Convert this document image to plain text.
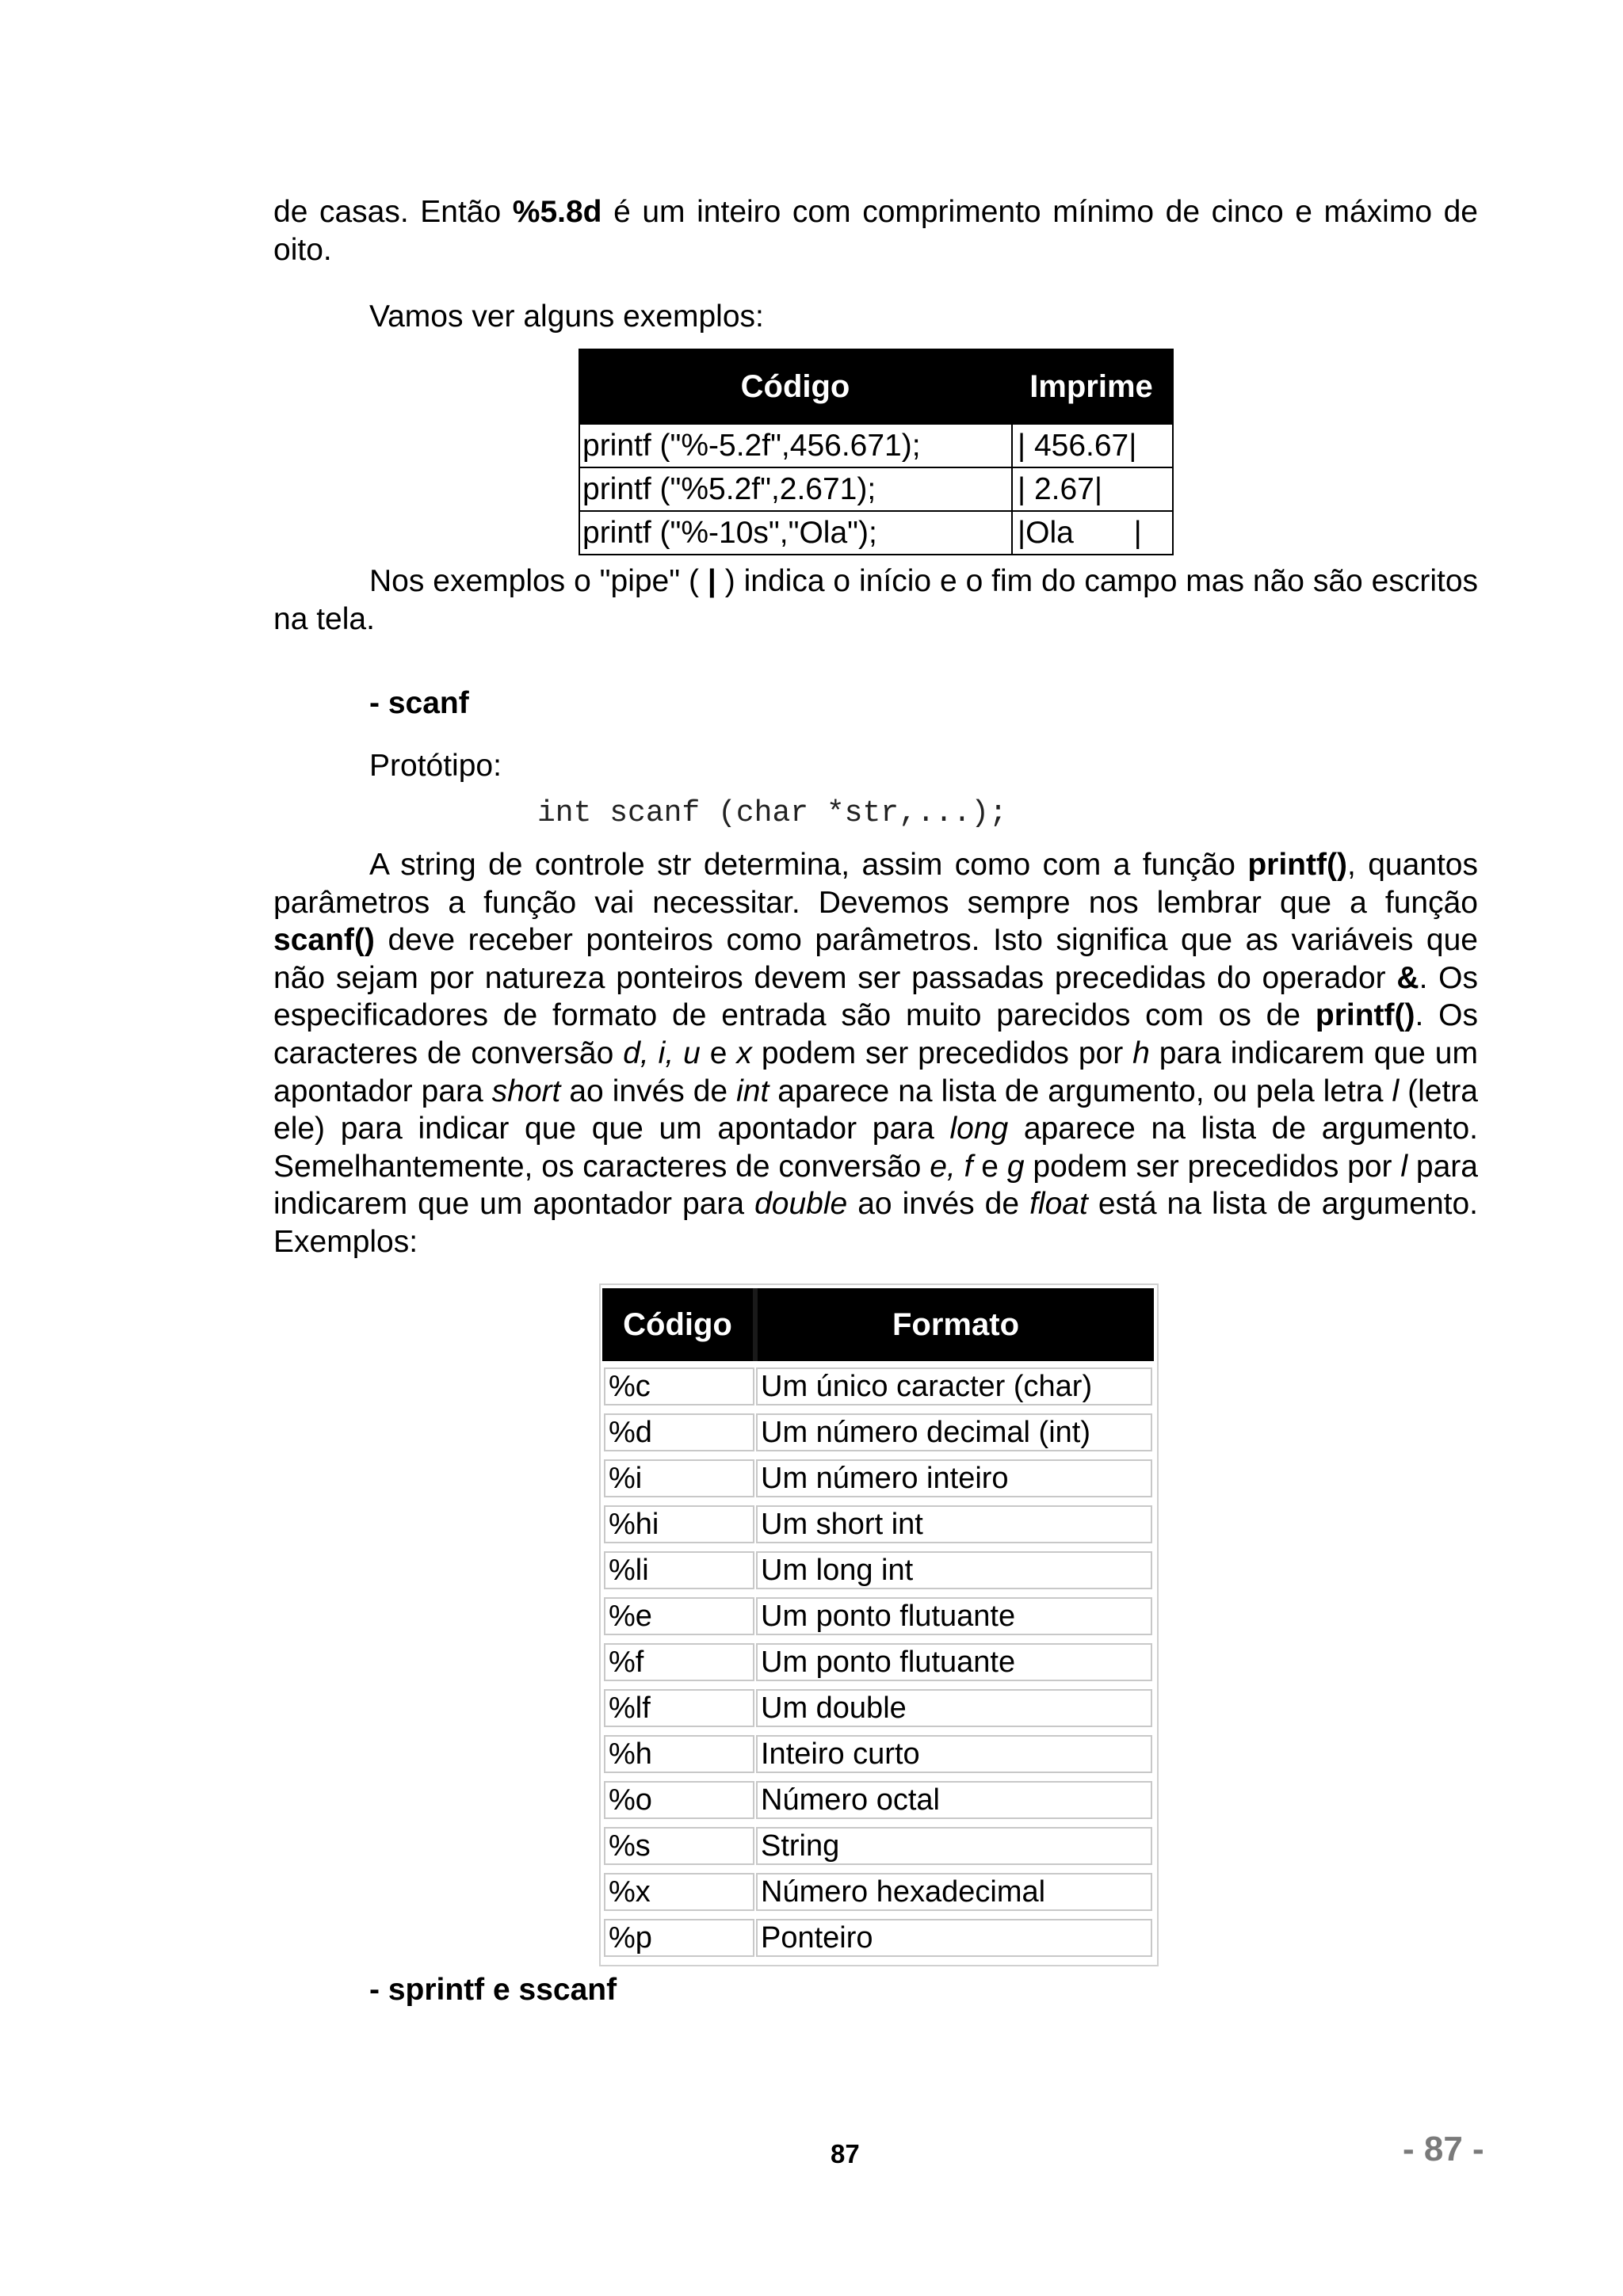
de casas. Então %5.8d é um inteiro com comprimento mínimo de cinco e máximo de oito.

Vamos ver alguns exemplos:

Código	Imprime
printf ("%-5.2f",456.671);	| 456.67|
printf ("%5.2f",2.671);	| 2.67|
printf ("%-10s","Ola");	|Ola       |

Nos exemplos o "pipe" ( | ) indica o início e o fim do campo mas não são escritos na tela.

- scanf

Protótipo:

int scanf (char *str,...);

A string de controle str determina, assim como com a função printf(), quantos parâmetros a função vai necessitar. Devemos sempre nos lembrar que a função scanf() deve receber ponteiros como parâmetros. Isto significa que as variáveis que não sejam por natureza ponteiros devem ser passadas precedidas do operador &. Os especificadores de formato de entrada são muito parecidos com os de printf(). Os caracteres de conversão d, i, u e x podem ser precedidos por h para indicarem que um apontador para short ao invés de int aparece na lista de argumento, ou pela letra l (letra ele) para indicar que que um apontador para long aparece na lista de argumento. Semelhantemente, os caracteres de conversão e, f e g podem ser precedidos por l para indicarem que um apontador para double ao invés de float está na lista de argumento. Exemplos:

Código	Formato
%c	Um único caracter (char)
%d	Um número decimal (int)
%i	Um número inteiro
%hi	Um short int
%li	Um long int
%e	Um ponto flutuante
%f	Um ponto flutuante
%lf	Um double
%h	Inteiro curto
%o	Número octal
%s	String
%x	Número hexadecimal
%p	Ponteiro

- sprintf e sscanf

87	- 87 -
